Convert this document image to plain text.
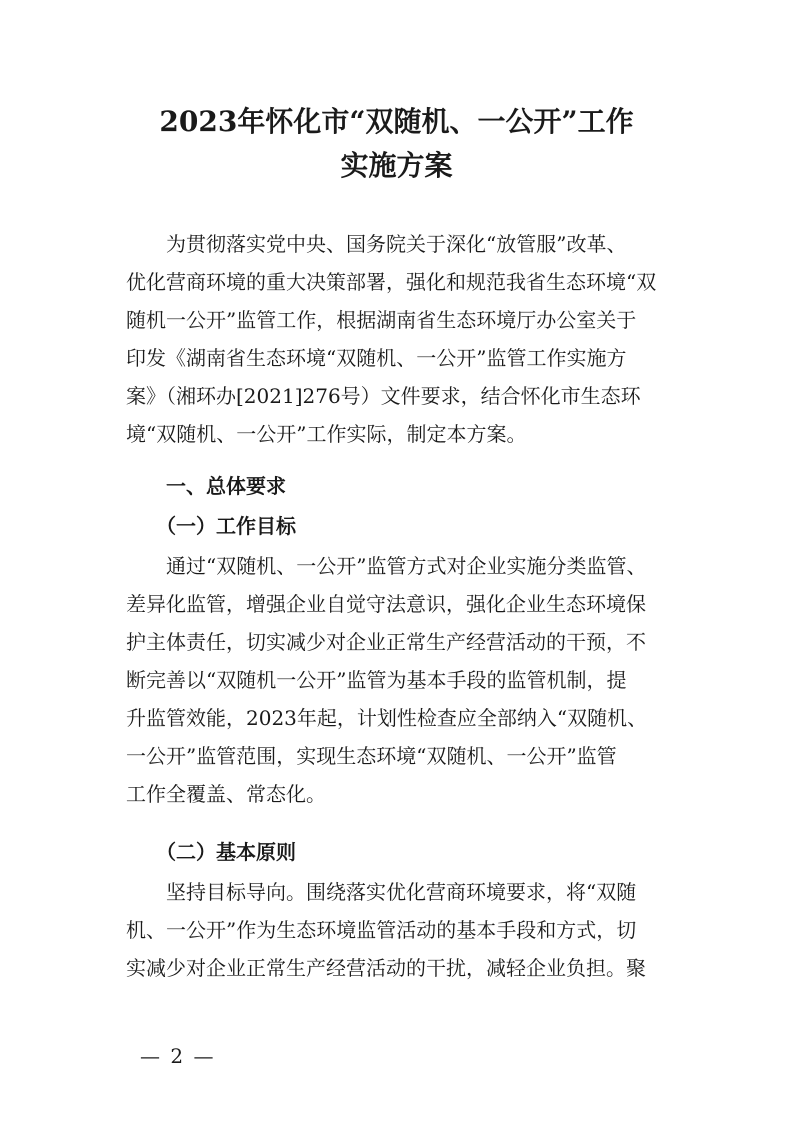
2023年怀化市“双随机、一公开”工作
实施方案

　　为贯彻落实党中央、国务院关于深化“放管服”改革、

优化营商环境的重大决策部署，强化和规范我省生态环境“双

随机一公开”监管工作，根据湖南省生态环境厅办公室关于

印发《湖南省生态环境“双随机、一公开”监管工作实施方

案》（湘环办[2021]276号）文件要求，结合怀化市生态环

境“双随机、一公开”工作实际，制定本方案。

　　一、总体要求

　　（一）工作目标

　　通过“双随机、一公开”监管方式对企业实施分类监管、

差异化监管，增强企业自觉守法意识，强化企业生态环境保

护主体责任，切实减少对企业正常生产经营活动的干预，不

断完善以“双随机一公开”监管为基本手段的监管机制，提

升监管效能，2023年起，计划性检查应全部纳入“双随机、

一公开”监管范围，实现生态环境“双随机、一公开”监管

工作全覆盖、常态化。

　　（二）基本原则

　　坚持目标导向。围绕落实优化营商环境要求，将“双随

机、一公开”作为生态环境监管活动的基本手段和方式，切

实减少对企业正常生产经营活动的干扰，减轻企业负担。聚

— 2 —
